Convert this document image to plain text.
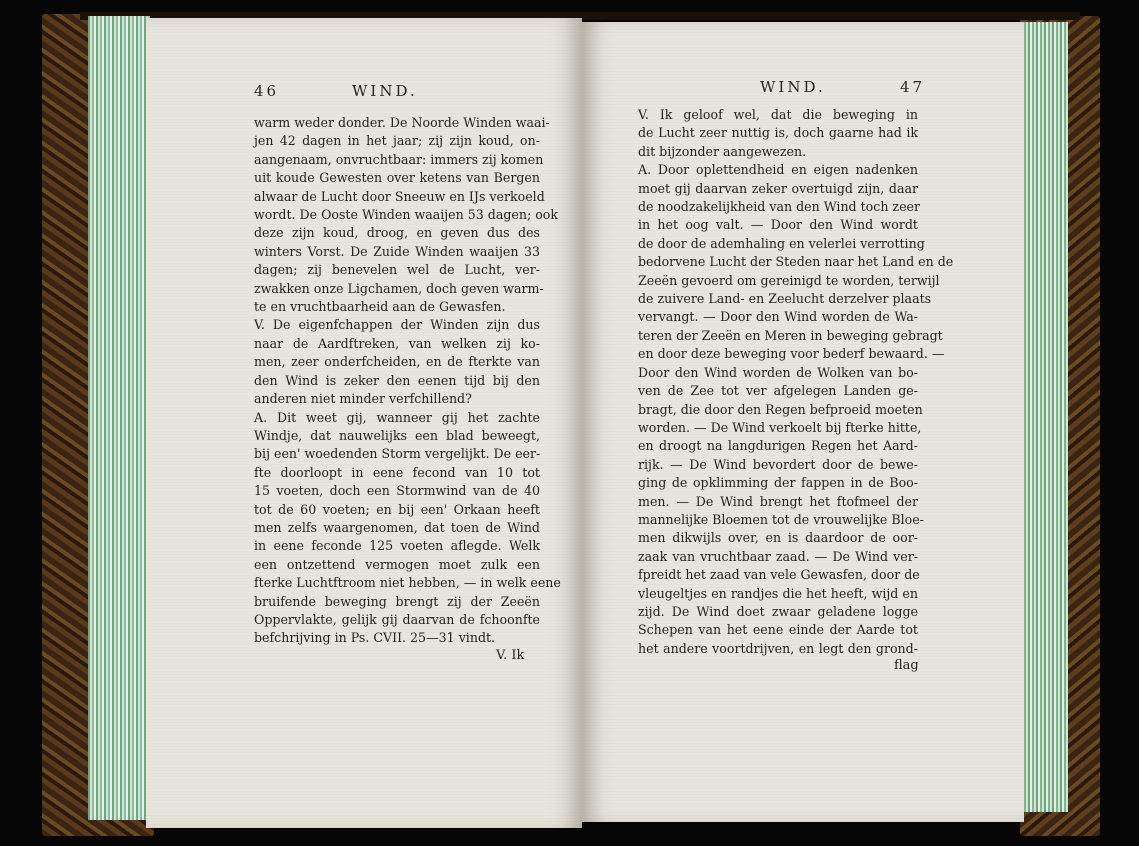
46	WIND.
warm weder donder. De Noorde Winden waai-
jen 42 dagen in het jaar; zij zijn koud, on-
aangenaam, onvruchtbaar: immers zij komen
uit koude Gewesten over ketens van Bergen
alwaar de Lucht door Sneeuw en IJs verkoeld
wordt. De Ooste Winden waaijen 53 dagen; ook
deze zijn koud, droog, en geven dus des
winters Vorst. De Zuide Winden waaijen 33
dagen; zij benevelen wel de Lucht, ver-
zwakken onze Ligchamen, doch geven warm-
te en vruchtbaarheid aan de Gewasfen.
V. De eigenfchappen der Winden zijn dus
naar de Aardftreken, van welken zij ko-
men, zeer onderfcheiden, en de fterkte van
den Wind is zeker den eenen tijd bij den
anderen niet minder verfchillend?
A. Dit weet gij, wanneer gij het zachte
Windje, dat nauwelijks een blad beweegt,
bij een' woedenden Storm vergelijkt. De eer-
fte doorloopt in eene fecond van 10 tot
15 voeten, doch een Stormwind van de 40
tot de 60 voeten; en bij een' Orkaan heeft
men zelfs waargenomen, dat toen de Wind
in eene feconde 125 voeten aflegde. Welk
een ontzettend vermogen moet zulk een
fterke Luchtftroom niet hebben, — in welk eene
bruifende beweging brengt zij der Zeeën
Oppervlakte, gelijk gij daarvan de fchoonfte
befchrijving in Ps. CVII. 25—31 vindt.
V. Ik
WIND.	47
V. Ik geloof wel, dat die beweging in
de Lucht zeer nuttig is, doch gaarne had ik
dit bijzonder aangewezen.
A. Door oplettendheid en eigen nadenken
moet gij daarvan zeker overtuigd zijn, daar
de noodzakelijkheid van den Wind toch zeer
in het oog valt. — Door den Wind wordt
de door de ademhaling en velerlei verrotting
bedorvene Lucht der Steden naar het Land en de
Zeeën gevoerd om gereinigd te worden, terwijl
de zuivere Land- en Zeelucht derzelver plaats
vervangt. — Door den Wind worden de Wa-
teren der Zeeën en Meren in beweging gebragt
en door deze beweging voor bederf bewaard. —
Door den Wind worden de Wolken van bo-
ven de Zee tot ver afgelegen Landen ge-
bragt, die door den Regen befproeid moeten
worden. — De Wind verkoelt bij fterke hitte,
en droogt na langdurigen Regen het Aard-
rijk. — De Wind bevordert door de bewe-
ging de opklimming der fappen in de Boo-
men. — De Wind brengt het ftofmeel der
mannelijke Bloemen tot de vrouwelijke Bloe-
men dikwijls over, en is daardoor de oor-
zaak van vruchtbaar zaad. — De Wind ver-
fpreidt het zaad van vele Gewasfen, door de
vleugeltjes en randjes die het heeft, wijd en
zijd. De Wind doet zwaar geladene logge
Schepen van het eene einde der Aarde tot
het andere voortdrijven, en legt den grond-
flag
